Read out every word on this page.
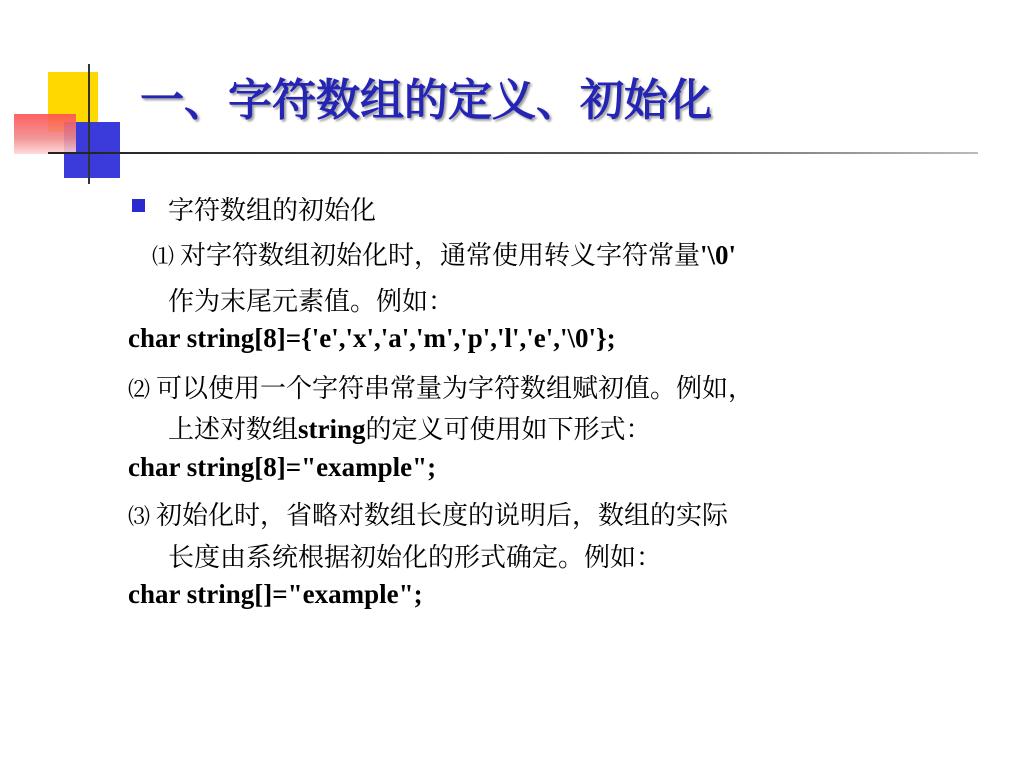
一、字符数组的定义、初始化
字符数组的初始化
⑴ 对字符数组初始化时，通常使用转义字符常量'\0'
作为末尾元素值。例如：
char string[8]={'e','x','a','m','p','l','e','\0'};
⑵ 可以使用一个字符串常量为字符数组赋初值。例如，
上述对数组string的定义可使用如下形式：
char string[8]="example";
⑶ 初始化时，省略对数组长度的说明后，数组的实际
长度由系统根据初始化的形式确定。例如：
char string[]="example";
